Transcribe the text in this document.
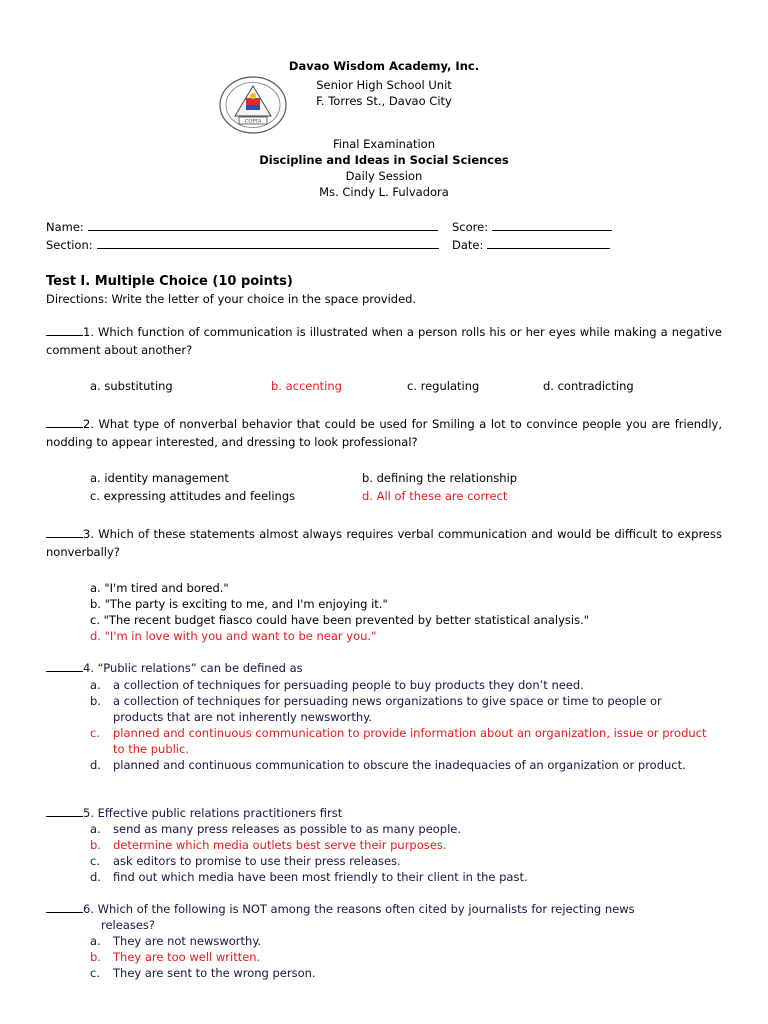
COPIA
Davao Wisdom Academy, Inc.
Senior High School Unit
F. Torres St., Davao City
Final Examination
Discipline and Ideas in Social Sciences
Daily Session
Ms. Cindy L. Fulvadora
Name:	Score:
Section:	Date:
Test I. Multiple Choice (10 points)
Directions: Write the letter of your choice in the space provided.
1. Which function of communication is illustrated when a person rolls his or her eyes while making a negative comment about another?
a. substituting	b. accenting	c. regulating	d. contradicting
2. What type of nonverbal behavior that could be used for Smiling a lot to convince people you are friendly, nodding to appear interested, and dressing to look professional?
a. identity management	b. defining the relationship
c. expressing attitudes and feelings	d. All of these are correct
3. Which of these statements almost always requires verbal communication and would be difficult to express nonverbally?
a. "I'm tired and bored."
b. "The party is exciting to me, and I'm enjoying it."
c. "The recent budget fiasco could have been prevented by better statistical analysis."
d. "I'm in love with you and want to be near you."
4. “Public relations” can be defined as
a.	a collection of techniques for persuading people to buy products they don’t need.
b.	a collection of techniques for persuading news organizations to give space or time to people or products that are not inherently newsworthy.
c.	planned and continuous communication to provide information about an organization, issue or product to the public.
d.	planned and continuous communication to obscure the inadequacies of an organization or product.
5. Effective public relations practitioners first
a.	send as many press releases as possible to as many people.
b.	determine which media outlets best serve their purposes.
c.	ask editors to promise to use their press releases.
d.	find out which media have been most friendly to their client in the past.
6. Which of the following is NOT among the reasons often cited by journalists for rejecting news
releases?
a.	They are not newsworthy.
b.	They are too well written.
c.	They are sent to the wrong person.
